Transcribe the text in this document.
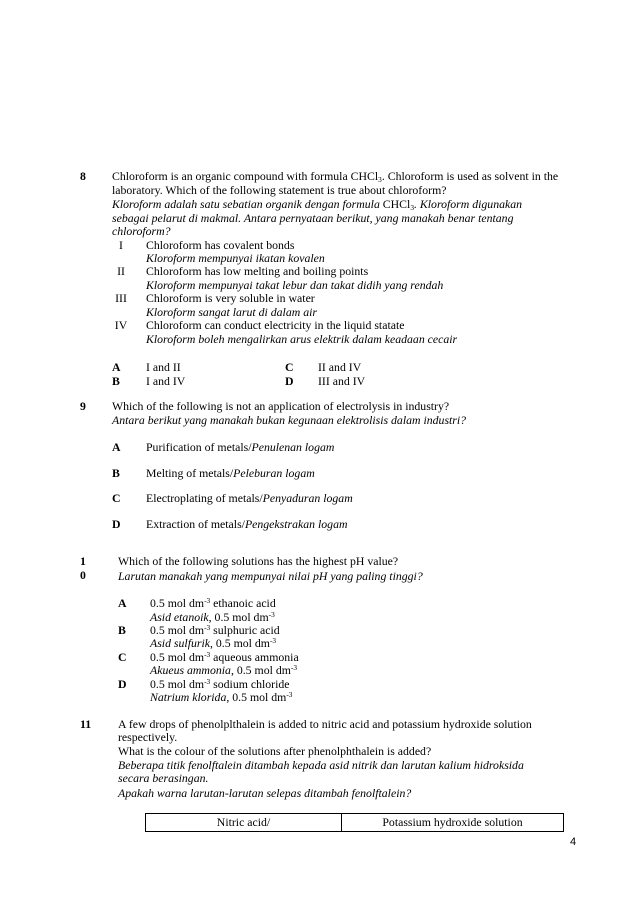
8 Chloroform is an organic compound with formula CHCl3. Chloroform is used as solvent in the
laboratory. Which of the following statement is true about chloroform?
Kloroform adalah satu sebatian organik dengan formula CHCl3. Kloroform digunakan
sebagai pelarut di makmal. Antara pernyataan berikut, yang manakah benar tentang
chloroform?
I	Chloroform has covalent bonds
Kloroform mempunyai ikatan kovalen
II	Chloroform has low melting and boiling points
Kloroform mempunyai takat lebur dan takat didih yang rendah
III	Chloroform is very soluble in water
Kloroform sangat larut di dalam air
IV	Chloroform can conduct electricity in the liquid statate
Kloroform boleh mengalirkan arus elektrik dalam keadaan cecair
A I and II	C II and IV
B I and IV	D III and IV
9 Which of the following is not an application of electrolysis in industry?
Antara berikut yang manakah bukan kegunaan elektrolisis dalam industri?
A Purification of metals/Penulenan logam
B Melting of metals/Peleburan logam
C Electroplating of metals/Penyaduran logam
D Extraction of metals/Pengekstrakan logam
1
0
Which of the following solutions has the highest pH value?
Larutan manakah yang mempunyai nilai pH yang paling tinggi?
A 0.5 mol $dm^{-3}$ ethanoic acid
Asid etanoik, 0.5 mol $dm^{-3}$
B 0.5 mol $dm^{-3}$ sulphuric acid
Asid sulfurik, 0.5 mol $dm^{-3}$
C 0.5 mol $dm^{-3}$ aqueous ammonia
Akueus ammonia, 0.5 mol $dm^{-3}$
D 0.5 mol $dm^{-3}$ sodium chloride
Natrium klorida, 0.5 mol $dm^{-3}$
11 A few drops of phenolplthalein is added to nitric acid and potassium hydroxide solution
respectively.
What is the colour of the solutions after phenolphthalein is added?
Beberapa titik fenolftalein ditambah kepada asid nitrik dan larutan kalium hidroksida
secara berasingan.
Apakah warna larutan-larutan selepas ditambah fenolftalein?
Nitric acid/	Potassium hydroxide solution
4
